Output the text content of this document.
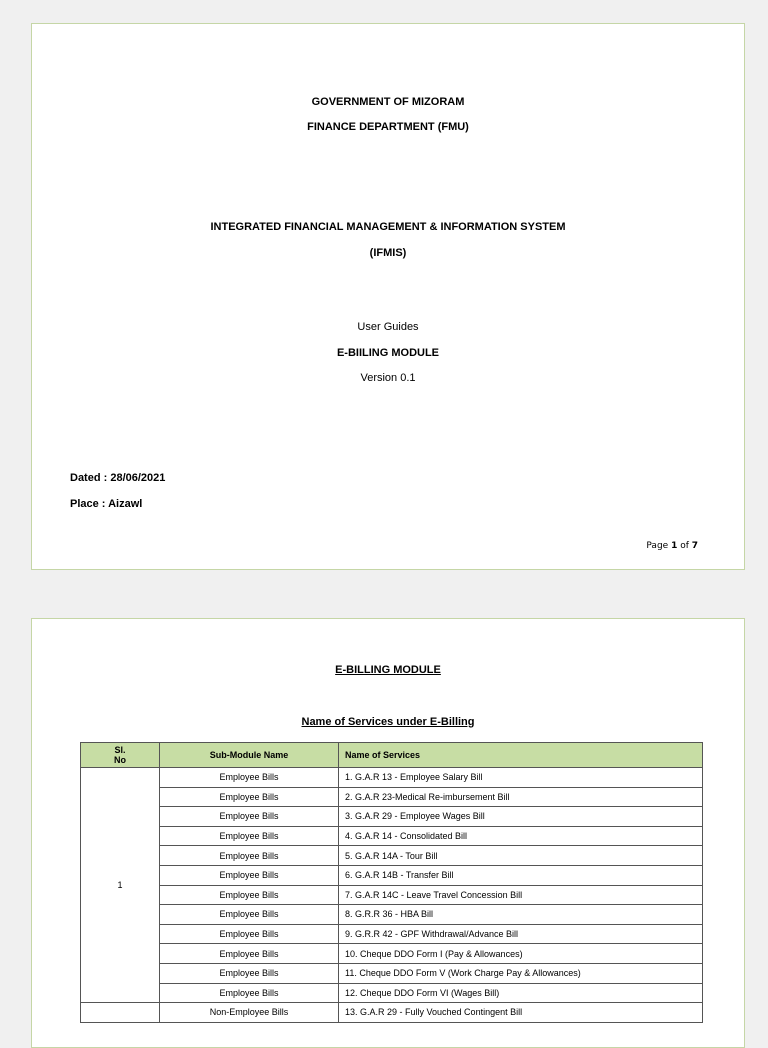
GOVERNMENT OF MIZORAM
FINANCE DEPARTMENT (FMU)
INTEGRATED FINANCIAL MANAGEMENT & INFORMATION SYSTEM
(IFMIS)
User Guides
E-BIILING MODULE
Version 0.1
Dated : 28/06/2021
Place : Aizawl
Page 1 of 7
E-BILLING MODULE
Name of Services under E-Billing
Sl.
No	Sub-Module Name	Name of Services
1	Employee Bills	1. G.A.R 13 - Employee Salary Bill
	Employee Bills	2. G.A.R 23-Medical Re-imbursement Bill
	Employee Bills	3. G.A.R 29 - Employee Wages Bill
	Employee Bills	4. G.A.R 14 - Consolidated Bill
	Employee Bills	5. G.A.R 14A - Tour Bill
	Employee Bills	6. G.A.R 14B - Transfer Bill
	Employee Bills	7. G.A.R 14C - Leave Travel Concession Bill
	Employee Bills	8. G.R.R 36 - HBA Bill
	Employee Bills	9. G.R.R 42 - GPF Withdrawal/Advance Bill
	Employee Bills	10. Cheque DDO Form I (Pay & Allowances)
	Employee Bills	11. Cheque DDO Form V (Work Charge Pay & Allowances)
	Employee Bills	12. Cheque DDO Form VI (Wages Bill)
	Non-Employee Bills	13. G.A.R 29 - Fully Vouched Contingent Bill
